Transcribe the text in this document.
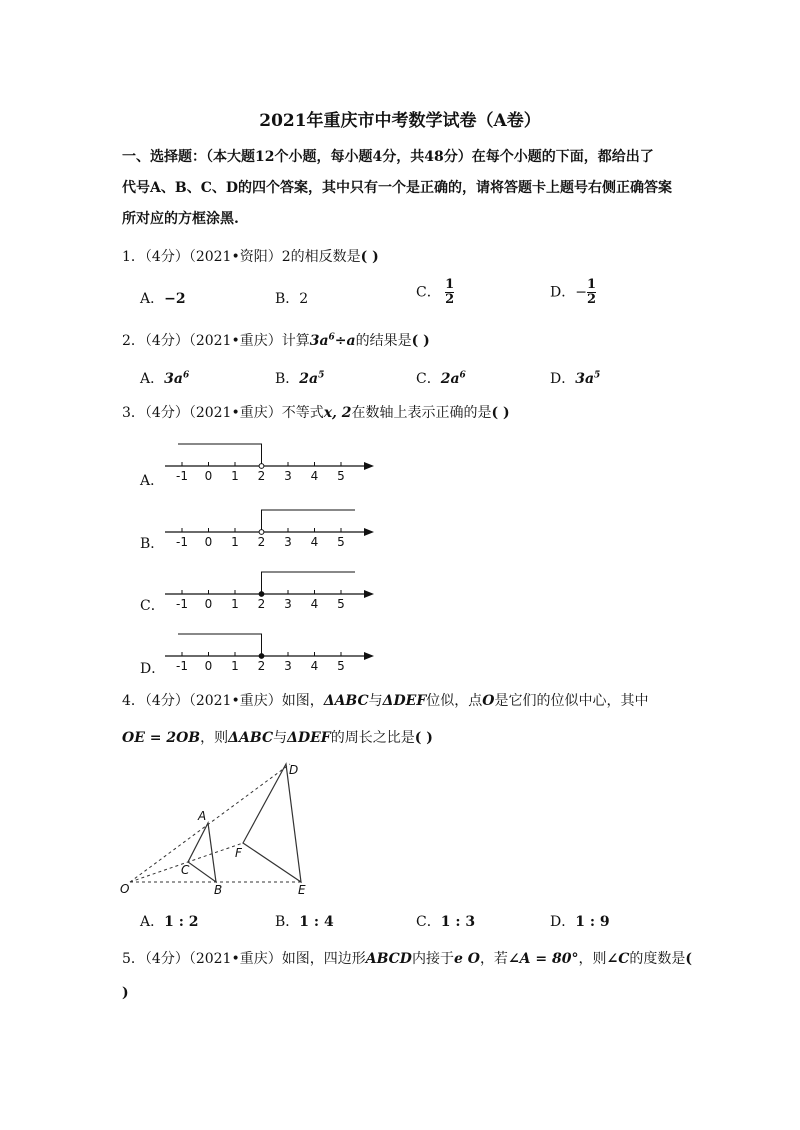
2021年重庆市中考数学试卷（A卷）
一、选择题：（本大题12个小题，每小题4分，共48分）在每个小题的下面，都给出了
代号A、B、C、D的四个答案，其中只有一个是正确的，请将答题卡上题号右侧正确答案
所对应的方框涂黑.
1．（4分）（2021•资阳）2的相反数是( )
A．−2	B．2	C． $\frac{1}{2}$	D．− $\frac{1}{2}$
2．（4分）（2021•重庆）计算$3a^6\div a$的结果是( )
A．$3a^6$	B．$2a^5$	C．$2a^6$	D．$3a^5$
3．（4分）（2021•重庆）不等式x, 2在数轴上表示正确的是( )
A． -1 0 1 2 3 4 5
B． -1 0 1 2 3 4 5
C． -1 0 1 2 3 4 5
D． -1 0 1 2 3 4 5
4．（4分）（2021•重庆）如图，ΔABC与ΔDEF位似，点O是它们的位似中心，其中
OE = 2OB，则ΔABC与ΔDEF的周长之比是( )
O
A
B
C
D
E
F
A．1 : 2	B．1 : 4	C．1 : 3	D．1 : 9
5．（4分）（2021•重庆）如图，四边形ABCD内接于e O，若∠A = 80°，则∠C的度数是(
)
